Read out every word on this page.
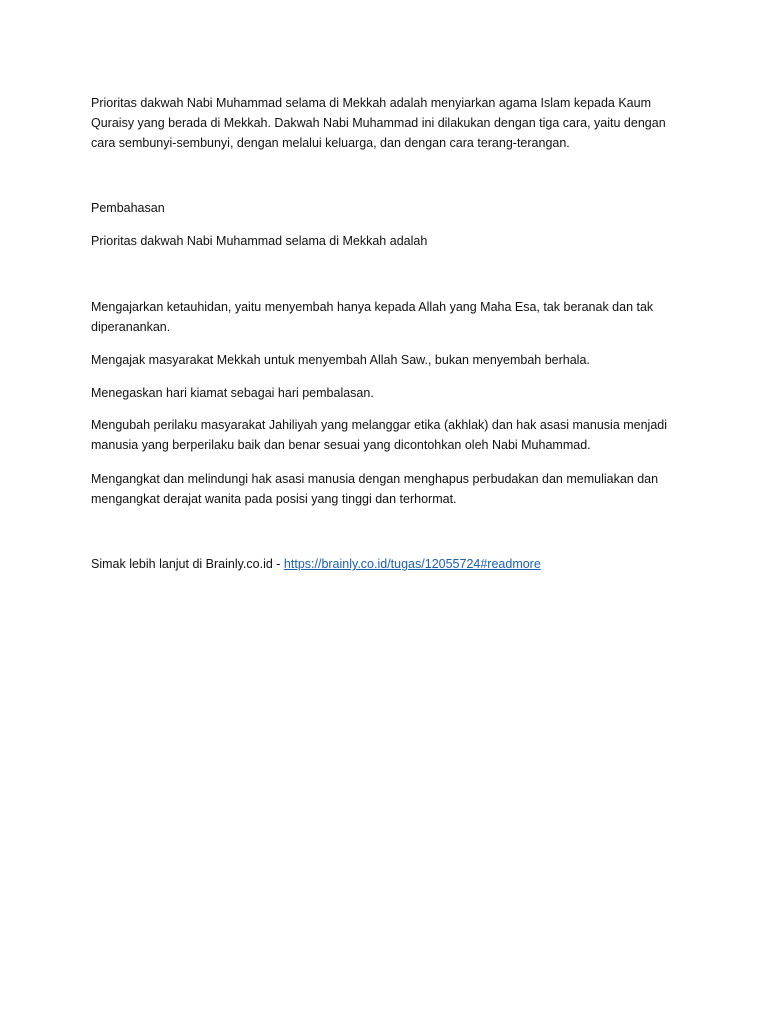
Prioritas dakwah Nabi Muhammad selama di Mekkah adalah menyiarkan agama Islam kepada Kaum
Quraisy yang berada di Mekkah. Dakwah Nabi Muhammad ini dilakukan dengan tiga cara, yaitu dengan
cara sembunyi-sembunyi, dengan melalui keluarga, dan dengan cara terang-terangan.

Pembahasan

Prioritas dakwah Nabi Muhammad selama di Mekkah adalah

Mengajarkan ketauhidan, yaitu menyembah hanya kepada Allah yang Maha Esa, tak beranak dan tak
diperanankan.

Mengajak masyarakat Mekkah untuk menyembah Allah Saw., bukan menyembah berhala.

Menegaskan hari kiamat sebagai hari pembalasan.

Mengubah perilaku masyarakat Jahiliyah yang melanggar etika (akhlak) dan hak asasi manusia menjadi
manusia yang berperilaku baik dan benar sesuai yang dicontohkan oleh Nabi Muhammad.

Mengangkat dan melindungi hak asasi manusia dengan menghapus perbudakan dan memuliakan dan
mengangkat derajat wanita pada posisi yang tinggi dan terhormat.

Simak lebih lanjut di Brainly.co.id - https://brainly.co.id/tugas/12055724#readmore
